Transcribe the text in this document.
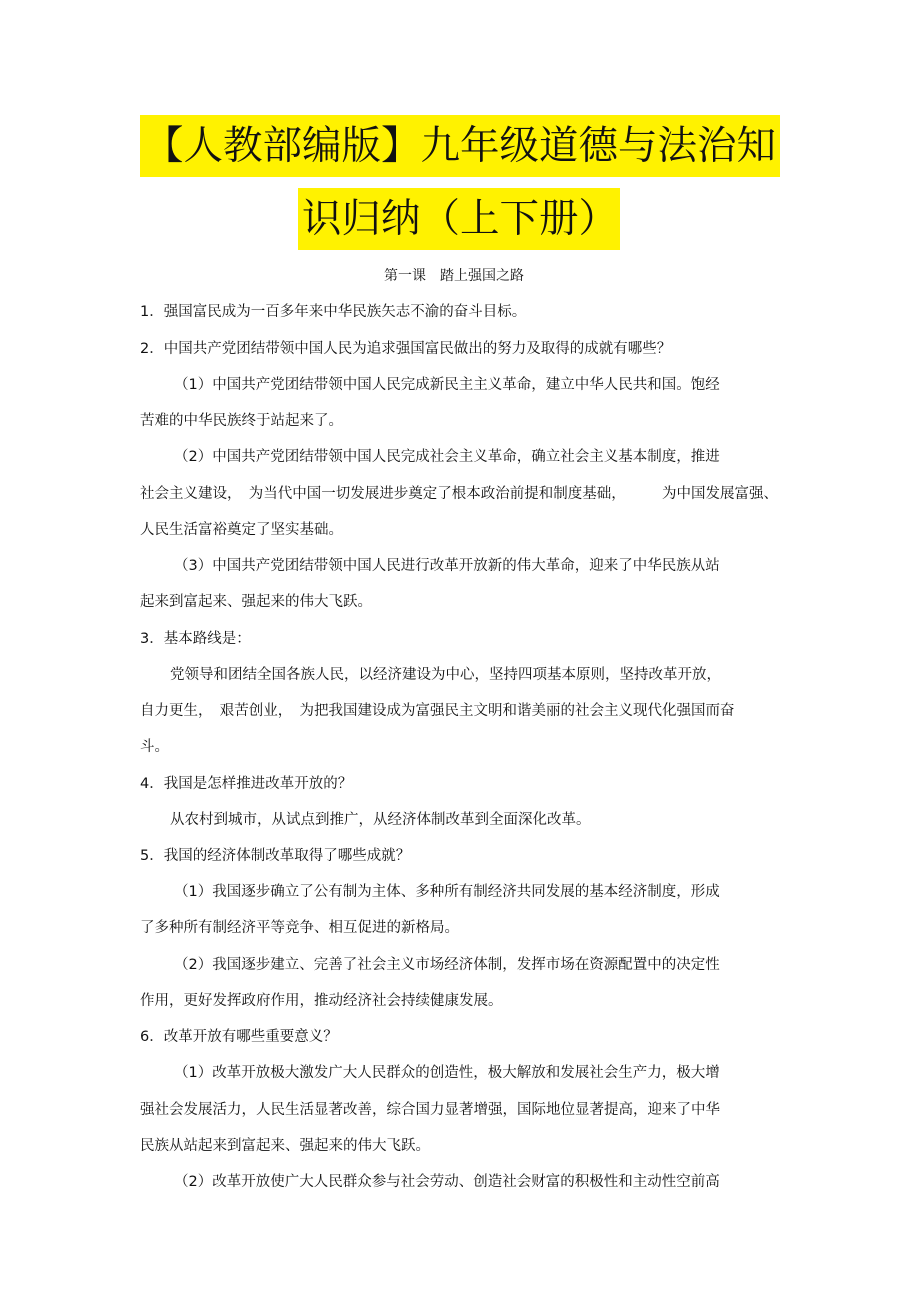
【人教部编版】九年级道德与法治知
识归纳（上下册）
第一课　踏上强国之路
1．强国富民成为一百多年来中华民族矢志不渝的奋斗目标。
2．中国共产党团结带领中国人民为追求强国富民做出的努力及取得的成就有哪些？
（1）中国共产党团结带领中国人民完成新民主主义革命，建立中华人民共和国。饱经
苦难的中华民族终于站起来了。
（2）中国共产党团结带领中国人民完成社会主义革命，确立社会主义基本制度，推进
社会主义建设，　为当代中国一切发展进步奠定了根本政治前提和制度基础，　　　为中国发展富强、
人民生活富裕奠定了坚实基础。
（3）中国共产党团结带领中国人民进行改革开放新的伟大革命，迎来了中华民族从站
起来到富起来、强起来的伟大飞跃。
3．基本路线是：
党领导和团结全国各族人民，以经济建设为中心，坚持四项基本原则，坚持改革开放，
自力更生，　艰苦创业，　为把我国建设成为富强民主文明和谐美丽的社会主义现代化强国而奋
斗。
4．我国是怎样推进改革开放的？
从农村到城市，从试点到推广，从经济体制改革到全面深化改革。
5．我国的经济体制改革取得了哪些成就？
（1）我国逐步确立了公有制为主体、多种所有制经济共同发展的基本经济制度，形成
了多种所有制经济平等竞争、相互促进的新格局。
（2）我国逐步建立、完善了社会主义市场经济体制，发挥市场在资源配置中的决定性
作用，更好发挥政府作用，推动经济社会持续健康发展。
6．改革开放有哪些重要意义？
（1）改革开放极大激发广大人民群众的创造性，极大解放和发展社会生产力，极大增
强社会发展活力，人民生活显著改善，综合国力显著增强，国际地位显著提高，迎来了中华
民族从站起来到富起来、强起来的伟大飞跃。
（2）改革开放使广大人民群众参与社会劳动、创造社会财富的积极性和主动性空前高
